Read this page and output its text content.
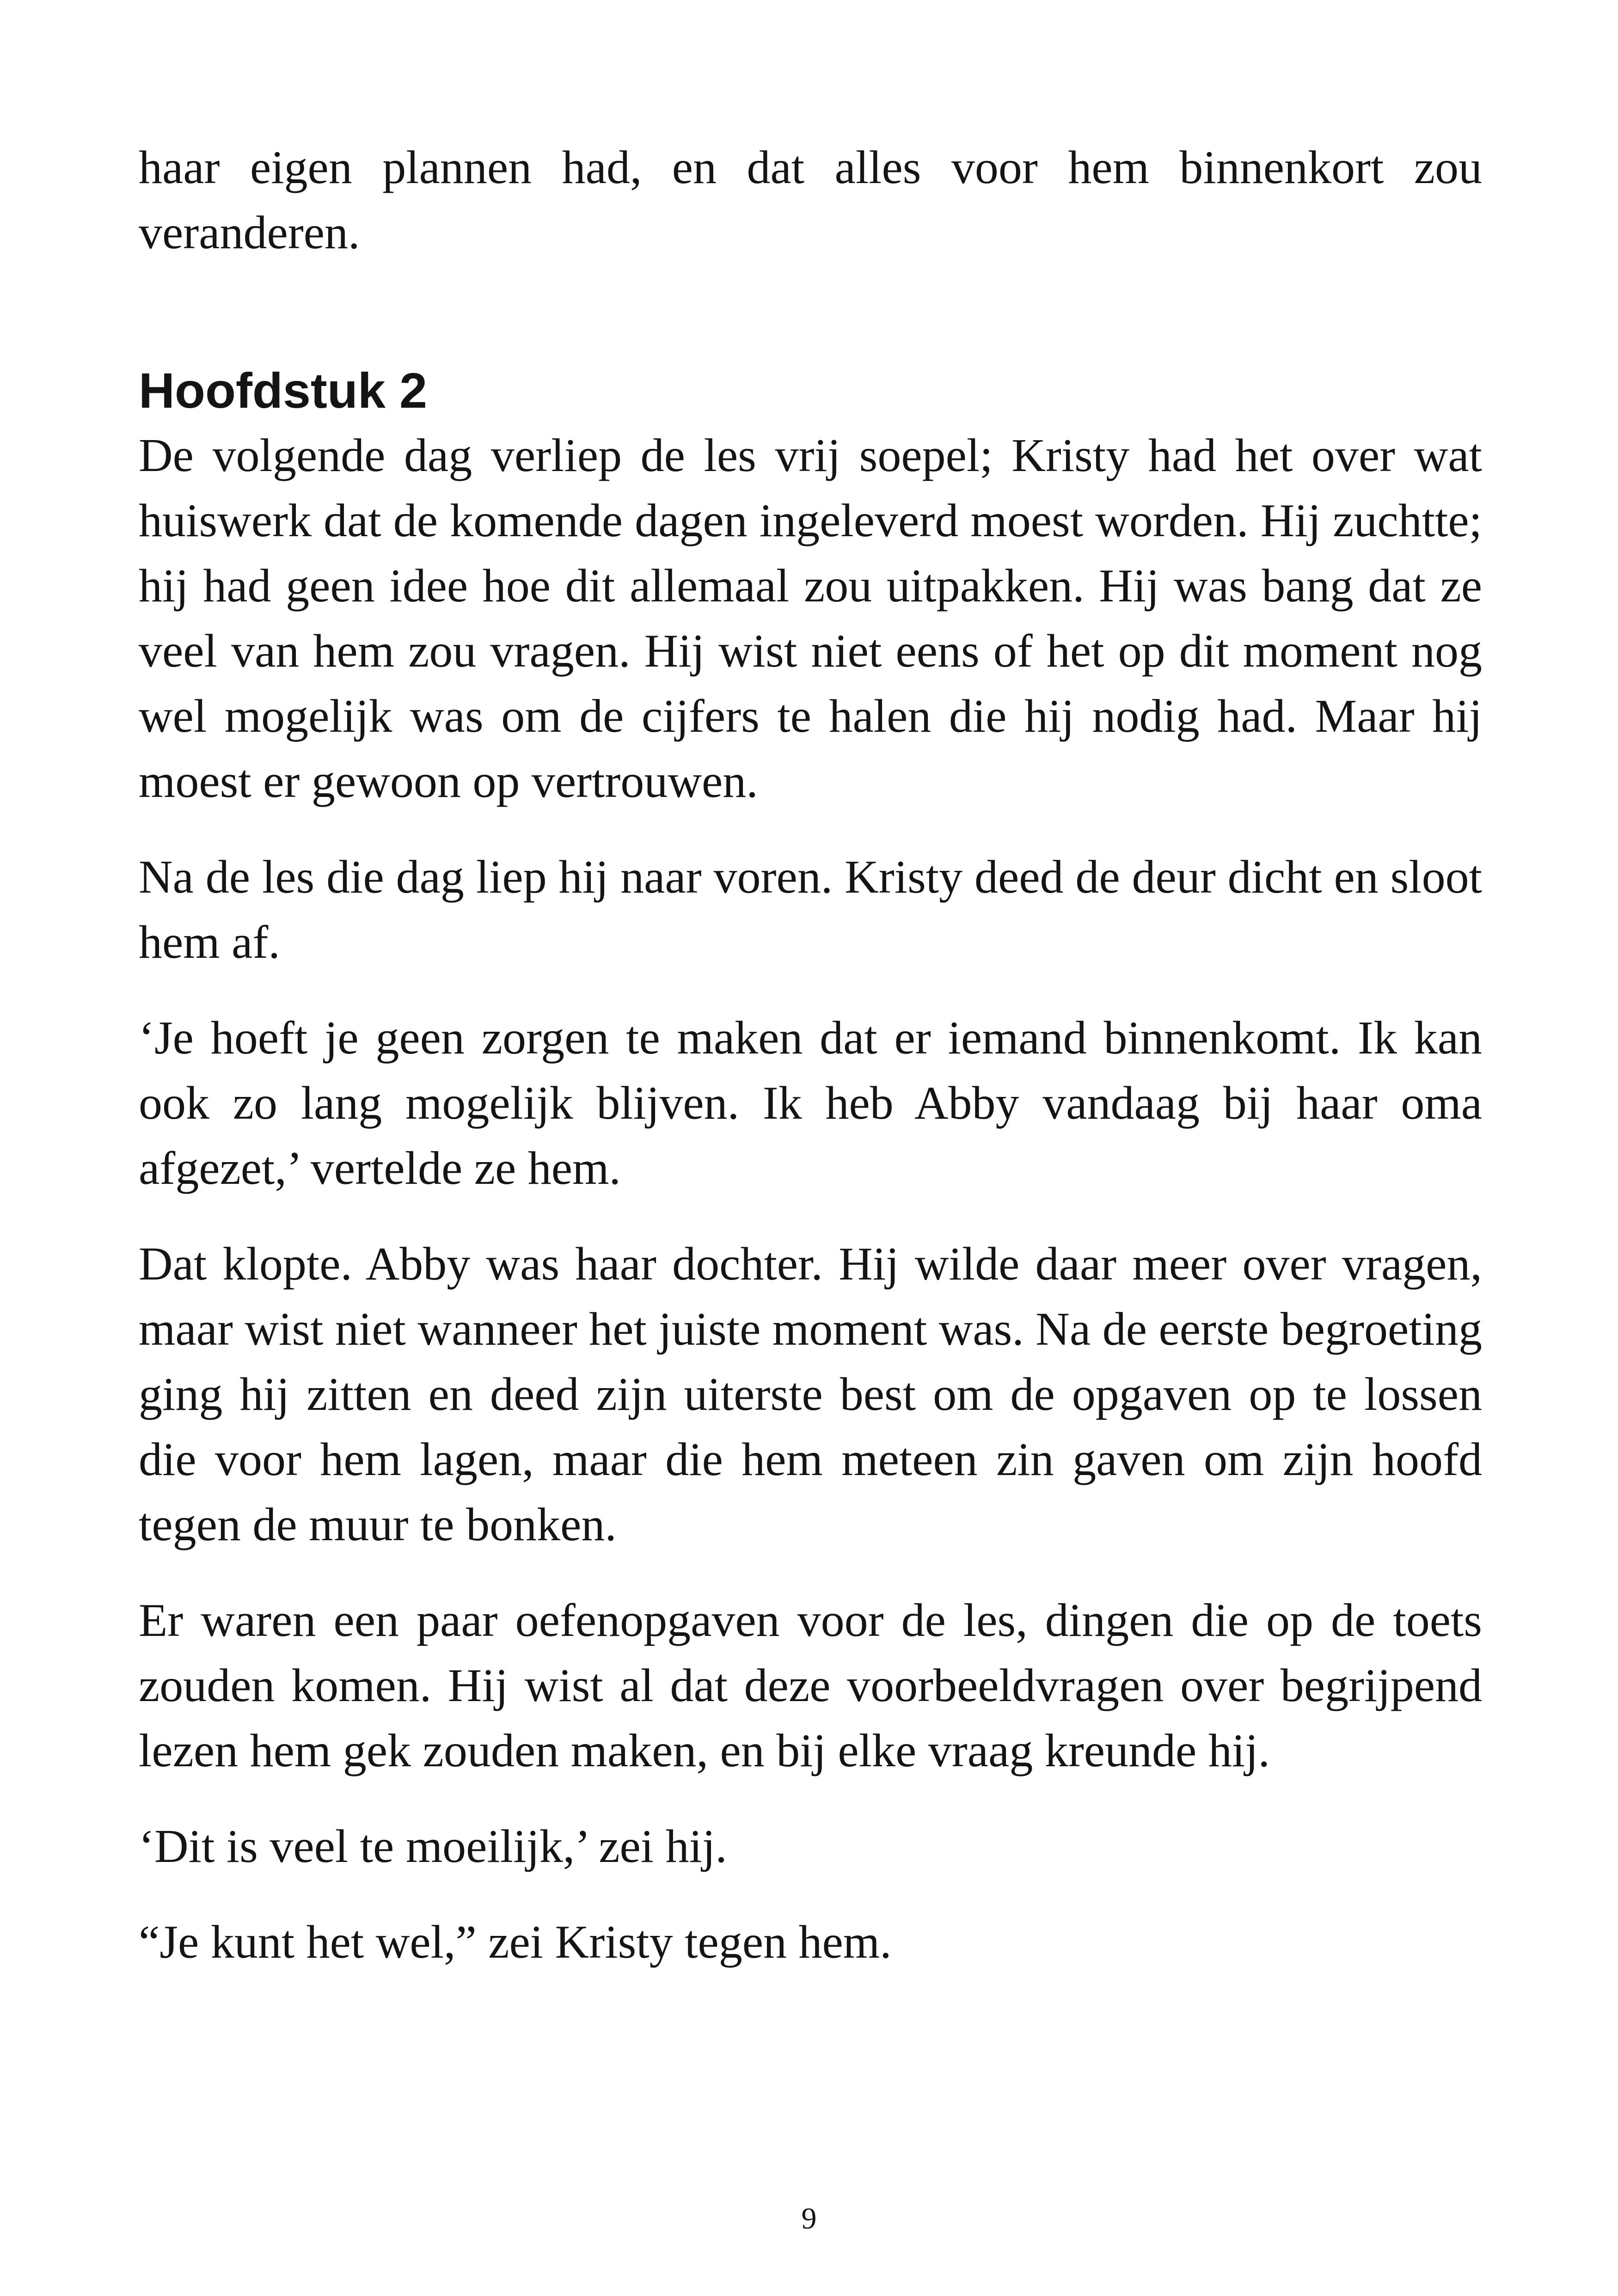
haar eigen plannen had, en dat alles voor hem binnenkort zou veranderen.

Hoofdstuk 2

De volgende dag verliep de les vrij soepel; Kristy had het over wat huiswerk dat de komende dagen ingeleverd moest worden. Hij zuchtte; hij had geen idee hoe dit allemaal zou uitpakken. Hij was bang dat ze veel van hem zou vragen. Hij wist niet eens of het op dit moment nog wel mogelijk was om de cijfers te halen die hij nodig had. Maar hij moest er gewoon op vertrouwen.

Na de les die dag liep hij naar voren. Kristy deed de deur dicht en sloot hem af.

‘Je hoeft je geen zorgen te maken dat er iemand binnenkomt. Ik kan ook zo lang mogelijk blijven. Ik heb Abby vandaag bij haar oma afgezet,’ vertelde ze hem.

Dat klopte. Abby was haar dochter. Hij wilde daar meer over vragen, maar wist niet wanneer het juiste moment was. Na de eerste begroeting ging hij zitten en deed zijn uiterste best om de opgaven op te lossen die voor hem lagen, maar die hem meteen zin gaven om zijn hoofd tegen de muur te bonken.

Er waren een paar oefenopgaven voor de les, dingen die op de toets zouden komen. Hij wist al dat deze voorbeeldvragen over begrijpend lezen hem gek zouden maken, en bij elke vraag kreunde hij.

‘Dit is veel te moeilijk,’ zei hij.

“Je kunt het wel,” zei Kristy tegen hem.

9
